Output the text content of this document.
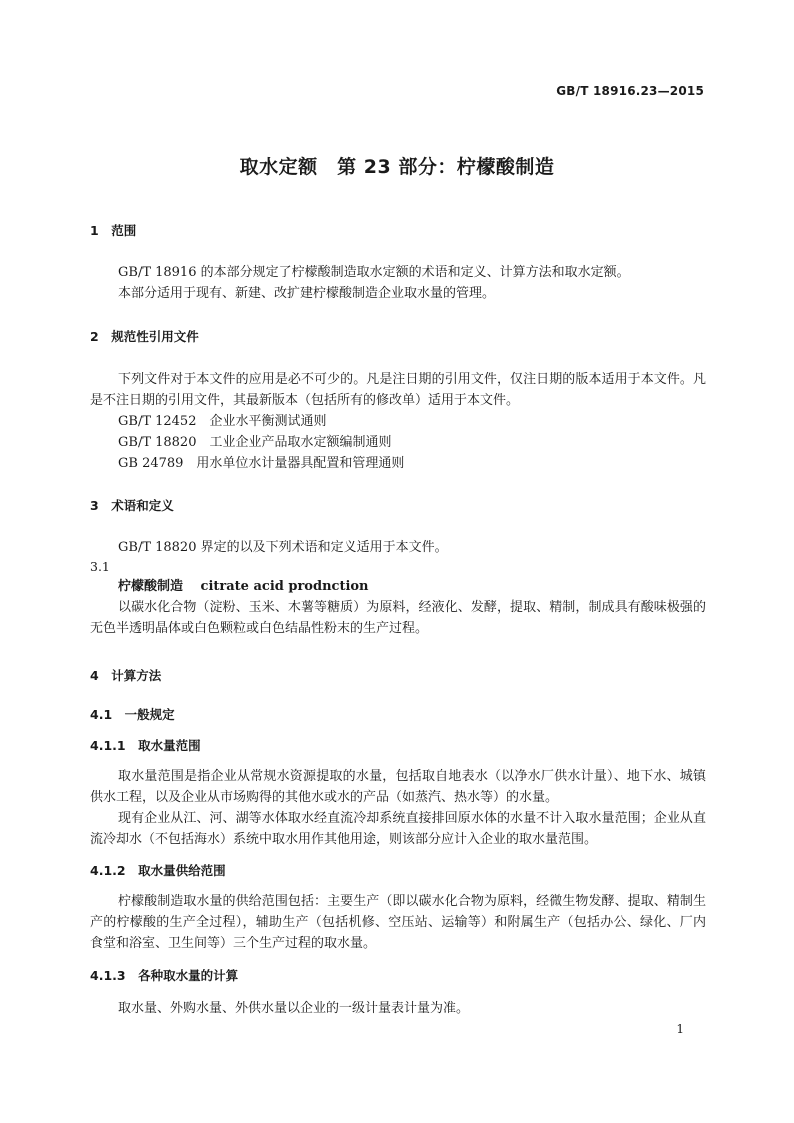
GB/T 18916.23—2015
取水定额　第 23 部分：柠檬酸制造
1　范围

GB/T 18916 的本部分规定了柠檬酸制造取水定额的术语和定义、计算方法和取水定额。

本部分适用于现有、新建、改扩建柠檬酸制造企业取水量的管理。

2　规范性引用文件

下列文件对于本文件的应用是必不可少的。凡是注日期的引用文件，仅注日期的版本适用于本文件。凡是不注日期的引用文件，其最新版本（包括所有的修改单）适用于本文件。

GB/T 12452　企业水平衡测试通则
GB/T 18820　工业企业产品取水定额编制通则
GB 24789　用水单位水计量器具配置和管理通则
3　术语和定义

GB/T 18820 界定的以及下列术语和定义适用于本文件。

3.1
柠檬酸制造　 citrate acid prodnction

以碳水化合物（淀粉、玉米、木薯等糖质）为原料，经液化、发酵，提取、精制，制成具有酸味极强的无色半透明晶体或白色颗粒或白色结晶性粉末的生产过程。

4　计算方法
4.1　一般规定
4.1.1　取水量范围

取水量范围是指企业从常规水资源提取的水量，包括取自地表水（以净水厂供水计量）、地下水、城镇供水工程，以及企业从市场购得的其他水或水的产品（如蒸汽、热水等）的水量。

现有企业从江、河、湖等水体取水经直流冷却系统直接排回原水体的水量不计入取水量范围；企业从直流冷却水（不包括海水）系统中取水用作其他用途，则该部分应计入企业的取水量范围。

4.1.2　取水量供给范围

柠檬酸制造取水量的供给范围包括：主要生产（即以碳水化合物为原料，经微生物发酵、提取、精制生产的柠檬酸的生产全过程），辅助生产（包括机修、空压站、运输等）和附属生产（包括办公、绿化、厂内食堂和浴室、卫生间等）三个生产过程的取水量。

4.1.3　各种取水量的计算

取水量、外购水量、外供水量以企业的一级计量表计量为准。

1
